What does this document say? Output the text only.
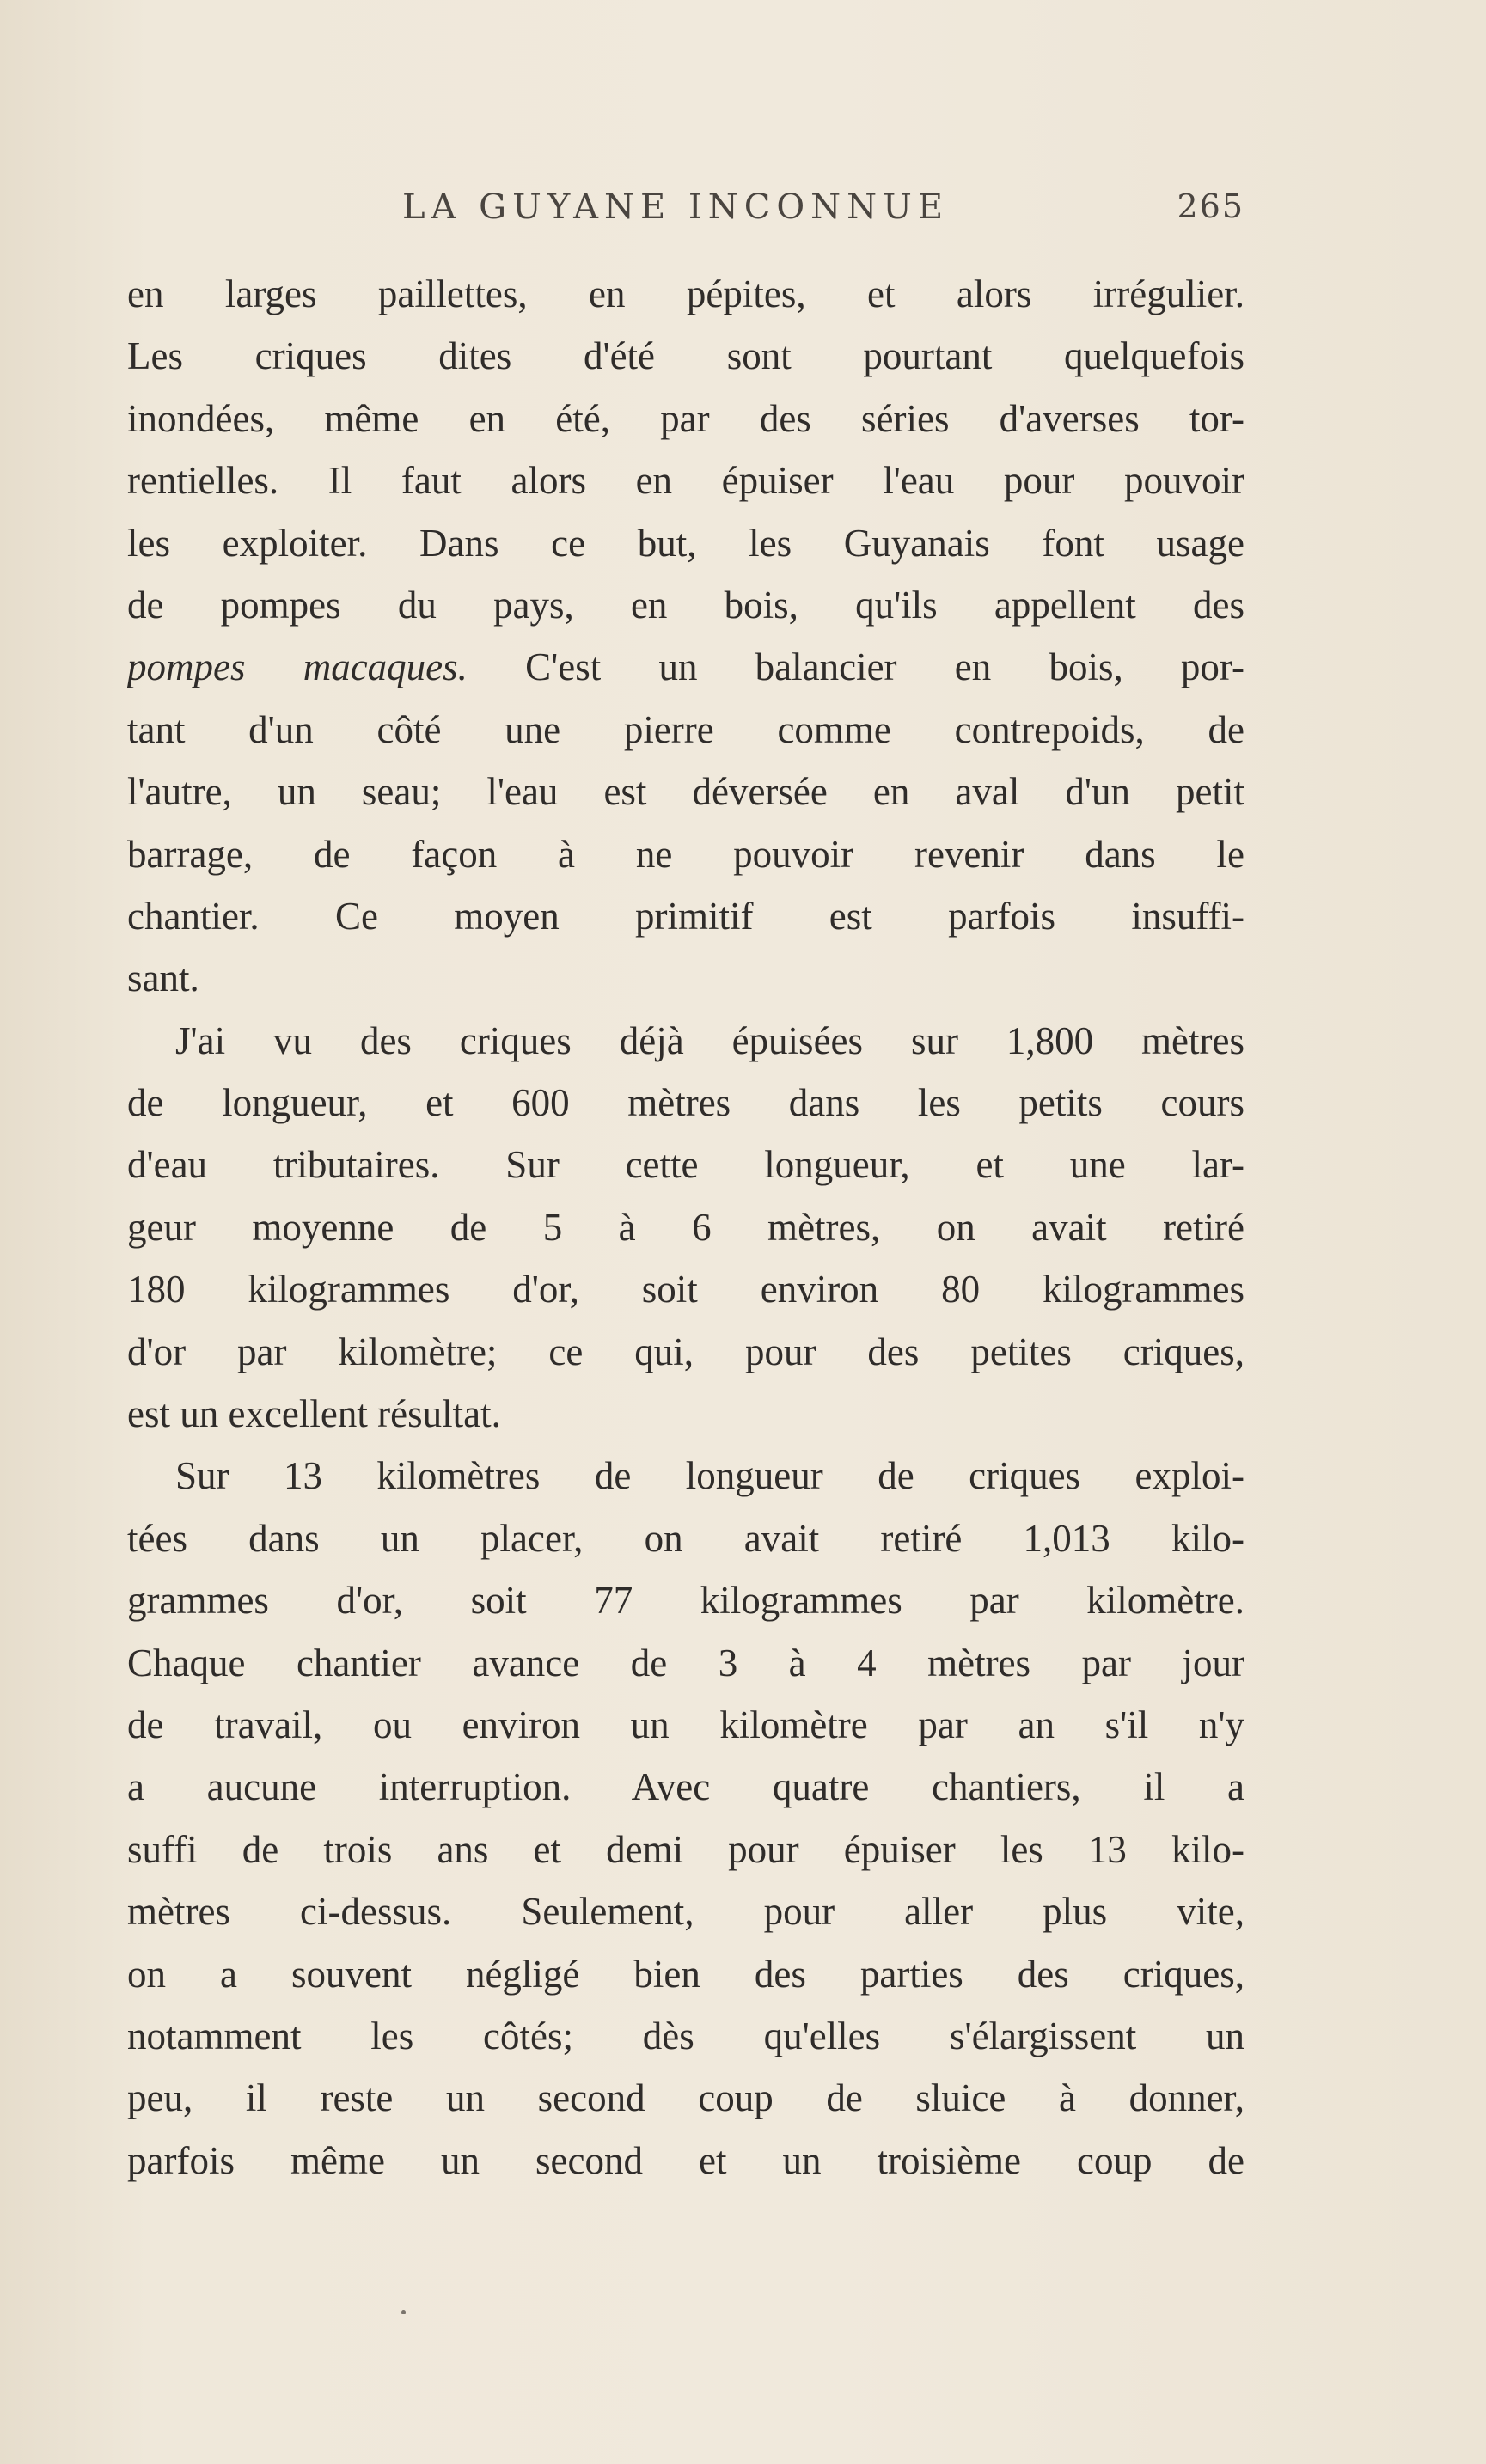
LA GUYANE INCONNUE	265
en larges paillettes, en pépites, et alors irrégulier.
Les criques dites d'été sont pourtant quelquefois
inondées, même en été, par des séries d'averses tor-
rentielles. Il faut alors en épuiser l'eau pour pouvoir
les exploiter. Dans ce but, les Guyanais font usage
de pompes du pays, en bois, qu'ils appellent des
pompes macaques. C'est un balancier en bois, por-
tant d'un côté une pierre comme contrepoids, de
l'autre, un seau; l'eau est déversée en aval d'un petit
barrage, de façon à ne pouvoir revenir dans le
chantier. Ce moyen primitif est parfois insuffi-
sant.
J'ai vu des criques déjà épuisées sur 1,800 mètres
de longueur, et 600 mètres dans les petits cours
d'eau tributaires. Sur cette longueur, et une lar-
geur moyenne de 5 à 6 mètres, on avait retiré
180 kilogrammes d'or, soit environ 80 kilogrammes
d'or par kilomètre; ce qui, pour des petites criques,
est un excellent résultat.
Sur 13 kilomètres de longueur de criques exploi-
tées dans un placer, on avait retiré 1,013 kilo-
grammes d'or, soit 77 kilogrammes par kilomètre.
Chaque chantier avance de 3 à 4 mètres par jour
de travail, ou environ un kilomètre par an s'il n'y
a aucune interruption. Avec quatre chantiers, il a
suffi de trois ans et demi pour épuiser les 13 kilo-
mètres ci-dessus. Seulement, pour aller plus vite,
on a souvent négligé bien des parties des criques,
notamment les côtés; dès qu'elles s'élargissent un
peu, il reste un second coup de sluice à donner,
parfois même un second et un troisième coup de
